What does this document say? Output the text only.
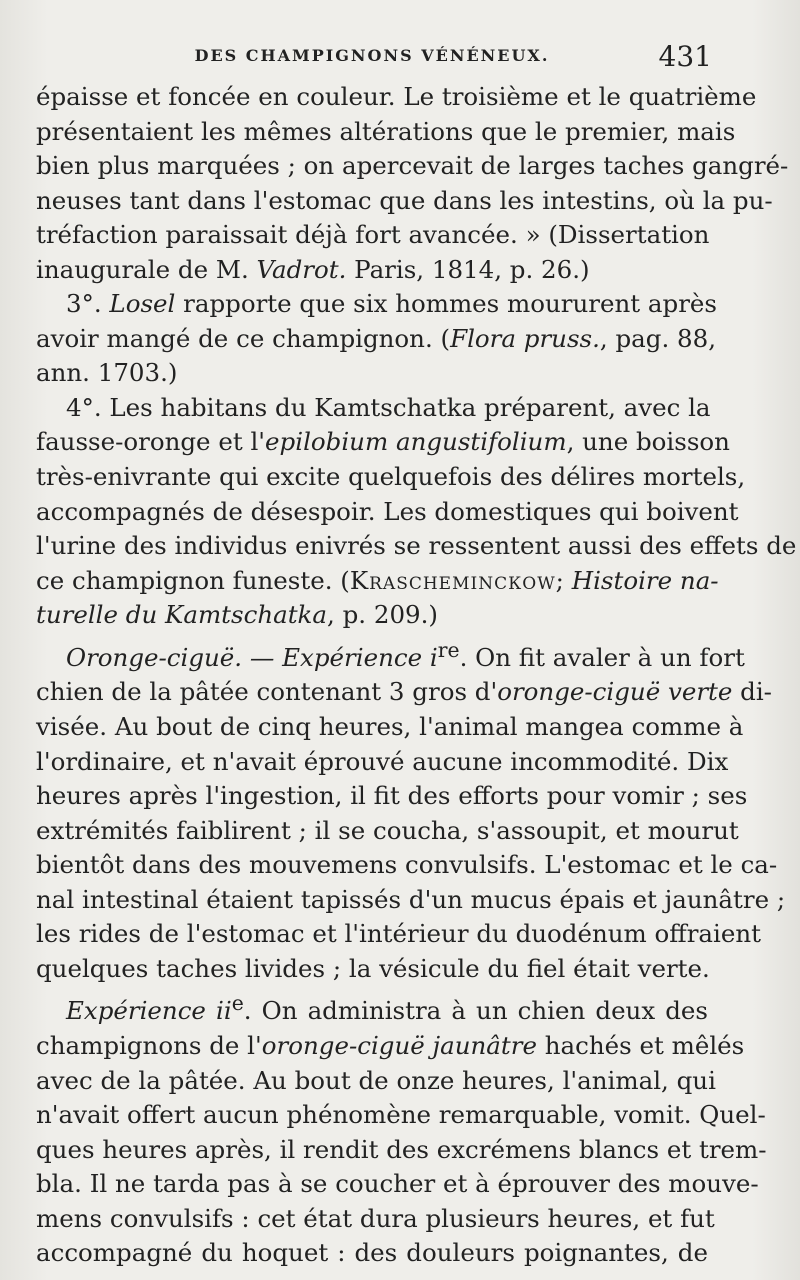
DES CHAMPIGNONS VÉNÉNEUX.	431
épaisse et foncée en couleur. Le troisième et le quatrième
présentaient les mêmes altérations que le premier, mais
bien plus marquées ; on apercevait de larges taches gangré-
neuses tant dans l'estomac que dans les intestins, où la pu-
tréfaction paraissait déjà fort avancée. » (Dissertation
inaugurale de M. Vadrot. Paris, 1814, p. 26.)
3°. Losel rapporte que six hommes moururent après
avoir mangé de ce champignon. (Flora pruss., pag. 88,
ann. 1703.)
4°. Les habitans du Kamtschatka préparent, avec la
fausse-oronge et l'epilobium angustifolium, une boisson
très-enivrante qui excite quelquefois des délires mortels,
accompagnés de désespoir. Les domestiques qui boivent
l'urine des individus enivrés se ressentent aussi des effets de
ce champignon funeste. (Kraschemincкow; Histoire na-
turelle du Kamtschatka, p. 209.)
Oronge-ciguë. — Expérience $i^{re}$. On fit avaler à un fort
chien de la pâtée contenant 3 gros d'oronge-ciguë verte di-
visée. Au bout de cinq heures, l'animal mangea comme à
l'ordinaire, et n'avait éprouvé aucune incommodité. Dix
heures après l'ingestion, il fit des efforts pour vomir ; ses
extrémités faiblirent ; il se coucha, s'assoupit, et mourut
bientôt dans des mouvemens convulsifs. L'estomac et le ca-
nal intestinal étaient tapissés d'un mucus épais et jaunâtre ;
les rides de l'estomac et l'intérieur du duodénum offraient
quelques taches livides ; la vésicule du fiel était verte.
Expérience $ii^e$. On administra à un chien deux des
champignons de l'oronge-ciguë jaunâtre hachés et mêlés
avec de la pâtée. Au bout de onze heures, l'animal, qui
n'avait offert aucun phénomène remarquable, vomit. Quel-
ques heures après, il rendit des excrémens blancs et trem-
bla. Il ne tarda pas à se coucher et à éprouver des mouve-
mens convulsifs : cet état dura plusieurs heures, et fut
accompagné du hoquet : des douleurs poignantes, de
